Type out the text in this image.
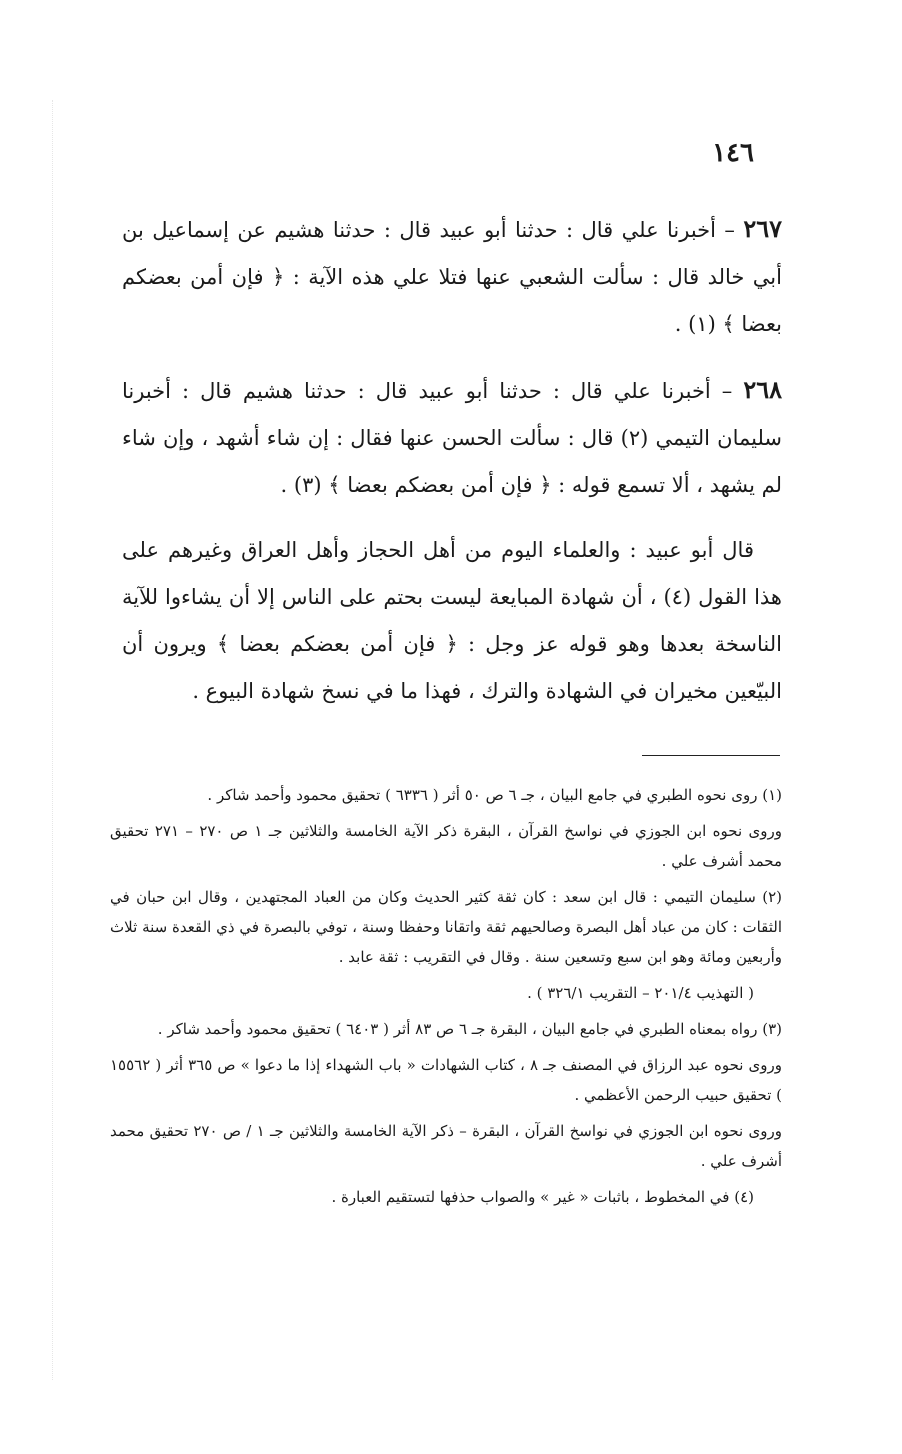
١٤٦

٢٦٧ – أخبرنا علي قال : حدثنا أبو عبيد قال : حدثنا هشيم عن إسماعيل بن أبي خالد قال : سألت الشعبي عنها فتلا علي هذه الآية : ﴿ فإن أمن بعضكم بعضا ﴾ (١) .

٢٦٨ – أخبرنا علي قال : حدثنا أبو عبيد قال : حدثنا هشيم قال : أخبرنا سليمان التيمي (٢) قال : سألت الحسن عنها فقال : إن شاء أشهد ، وإن شاء لم يشهد ، ألا تسمع قوله : ﴿ فإن أمن بعضكم بعضا ﴾ (٣) .

قال أبو عبيد : والعلماء اليوم من أهل الحجاز وأهل العراق وغيرهم على هذا القول (٤) ، أن شهادة المبايعة ليست بحتم على الناس إلا أن يشاءوا للآية الناسخة بعدها وهو قوله عز وجل : ﴿ فإن أمن بعضكم بعضا ﴾ ويرون أن البيّعين مخيران في الشهادة والترك ، فهذا ما في نسخ شهادة البيوع .

(١) روى نحوه الطبري في جامع البيان ، جـ ٦ ص ٥٠ أثر ( ٦٣٣٦ ) تحقيق محمود وأحمد شاكر .

وروى نحوه ابن الجوزي في نواسخ القرآن ، البقرة ذكر الآية الخامسة والثلاثين جـ ١ ص ٢٧٠ – ٢٧١ تحقيق محمد أشرف علي .

(٢) سليمان التيمي : قال ابن سعد : كان ثقة كثير الحديث وكان من العباد المجتهدين ، وقال ابن حبان في الثقات : كان من عباد أهل البصرة وصالحيهم ثقة واتقانا وحفظا وسنة ، توفي بالبصرة في ذي القعدة سنة ثلاث وأربعين ومائة وهو ابن سبع وتسعين سنة . وقال في التقريب : ثقة عابد .

( التهذيب ٢٠١/٤ – التقريب ٣٢٦/١ ) .

(٣) رواه بمعناه الطبري في جامع البيان ، البقرة جـ ٦ ص ٨٣ أثر ( ٦٤٠٣ ) تحقيق محمود وأحمد شاكر .

وروى نحوه عبد الرزاق في المصنف جـ ٨ ، كتاب الشهادات « باب الشهداء إذا ما دعوا » ص ٣٦٥ أثر ( ١٥٥٦٢ ) تحقيق حبيب الرحمن الأعظمي .

وروى نحوه ابن الجوزي في نواسخ القرآن ، البقرة – ذكر الآية الخامسة والثلاثين جـ ١ / ص ٢٧٠ تحقيق محمد أشرف علي .

(٤) في المخطوط ، باثبات « غير » والصواب حذفها لتستقيم العبارة .
